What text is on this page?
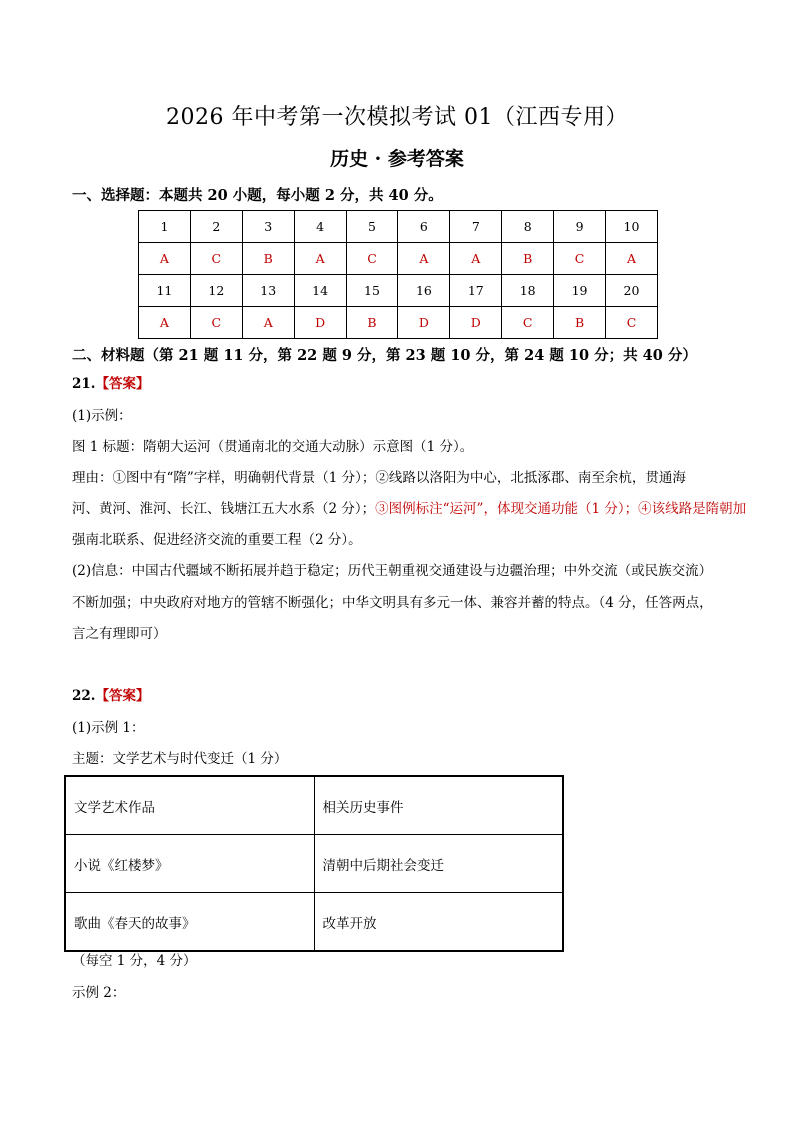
2026 年中考第一次模拟考试 01（江西专用）
历史 · 参考答案
一、选择题：本题共 20 小题，每小题 2 分，共 40 分。
1	2	3	4	5	6	7	8	9	10
A	C	B	A	C	A	A	B	C	A
11	12	13	14	15	16	17	18	19	20
A	C	A	D	B	D	D	C	B	C
二、材料题（第 21 题 11 分，第 22 题 9 分，第 23 题 10 分，第 24 题 10 分；共 40 分）
21.【答案】
(1)示例：
图 1 标题：隋朝大运河（贯通南北的交通大动脉）示意图（1 分）。
理由：①图中有“隋”字样，明确朝代背景（1 分）；②线路以洛阳为中心，北抵涿郡、南至余杭，贯通海
河、黄河、淮河、长江、钱塘江五大水系（2 分）；③图例标注“运河”，体现交通功能（1 分）；④该线路是隋朝加
强南北联系、促进经济交流的重要工程（2 分）。
(2)信息：中国古代疆域不断拓展并趋于稳定；历代王朝重视交通建设与边疆治理；中外交流（或民族交流）
不断加强；中央政府对地方的管辖不断强化；中华文明具有多元一体、兼容并蓄的特点。（4 分，任答两点，
言之有理即可）
22.【答案】
(1)示例 1：
主题：文学艺术与时代变迁（1 分）
文学艺术作品	相关历史事件
小说《红楼梦》	清朝中后期社会变迁
歌曲《春天的故事》	改革开放
（每空 1 分，4 分）
示例 2：
